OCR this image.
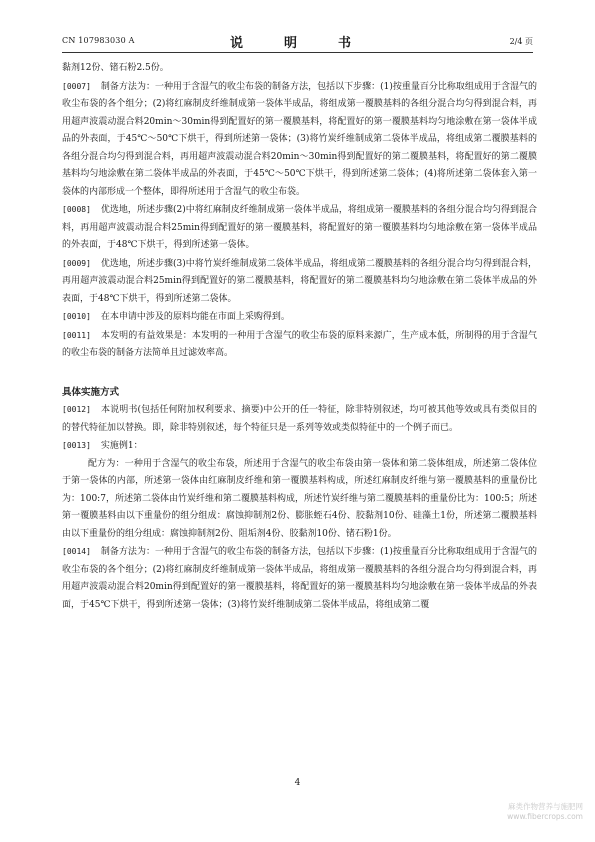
CN 107983030 A	说　明　书	2/4 页

黏剂12份、锗石粉2.5份。

[0007] 制备方法为：一种用于含湿气的收尘布袋的制备方法，包括以下步骤：(1)按重量百分比称取组成用于含湿气的收尘布袋的各个组分；(2)将红麻制皮纤维制成第一袋体半成品，将组成第一覆膜基料的各组分混合均匀得到混合料，再用超声波震动混合料20min～30min得到配置好的第一覆膜基料，将配置好的第一覆膜基料均匀地涂敷在第一袋体半成品的外表面，于45℃～50℃下烘干，得到所述第一袋体；(3)将竹炭纤维制成第二袋体半成品，将组成第二覆膜基料的各组分混合均匀得到混合料，再用超声波震动混合料20min～30min得到配置好的第二覆膜基料，将配置好的第二覆膜基料均匀地涂敷在第二袋体半成品的外表面，于45℃～50℃下烘干，得到所述第二袋体；(4)将所述第二袋体套入第一袋体的内部形成一个整体，即得所述用于含湿气的收尘布袋。

[0008] 优选地，所述步骤(2)中将红麻制皮纤维制成第一袋体半成品，将组成第一覆膜基料的各组分混合均匀得到混合料，再用超声波震动混合料25min得到配置好的第一覆膜基料，将配置好的第一覆膜基料均匀地涂敷在第一袋体半成品的外表面，于48℃下烘干，得到所述第一袋体。

[0009] 优选地，所述步骤(3)中将竹炭纤维制成第二袋体半成品，将组成第二覆膜基料的各组分混合均匀得到混合料，再用超声波震动混合料25min得到配置好的第二覆膜基料，将配置好的第二覆膜基料均匀地涂敷在第二袋体半成品的外表面，于48℃下烘干，得到所述第二袋体。

[0010] 在本申请中涉及的原料均能在市面上采购得到。

[0011] 本发明的有益效果是：本发明的一种用于含湿气的收尘布袋的原料来源广，生产成本低，所制得的用于含湿气的收尘布袋的制备方法简单且过滤效率高。

具体实施方式

[0012] 本说明书(包括任何附加权利要求、摘要)中公开的任一特征，除非特别叙述，均可被其他等效或具有类似目的的替代特征加以替换。即，除非特别叙述，每个特征只是一系列等效或类似特征中的一个例子而已。

[0013] 实施例1：

配方为：一种用于含湿气的收尘布袋，所述用于含湿气的收尘布袋由第一袋体和第二袋体组成，所述第二袋体位于第一袋体的内部，所述第一袋体由红麻制皮纤维和第一覆膜基料构成，所述红麻制皮纤维与第一覆膜基料的重量份比为：100:7，所述第二袋体由竹炭纤维和第二覆膜基料构成，所述竹炭纤维与第二覆膜基料的重量份比为：100:5；所述第一覆膜基料由以下重量份的组分组成：腐蚀抑制剂2份、膨胀蛭石4份、胶黏剂10份、硅藻土1份，所述第二覆膜基料由以下重量份的组分组成：腐蚀抑制剂2份、阻垢剂4份、胶黏剂10份、锗石粉1份。

[0014] 制备方法为：一种用于含湿气的收尘布袋的制备方法，包括以下步骤：(1)按重量百分比称取组成用于含湿气的收尘布袋的各个组分；(2)将红麻制皮纤维制成第一袋体半成品，将组成第一覆膜基料的各组分混合均匀得到混合料，再用超声波震动混合料20min得到配置好的第一覆膜基料，将配置好的第一覆膜基料均匀地涂敷在第一袋体半成品的外表面，于45℃下烘干，得到所述第一袋体；(3)将竹炭纤维制成第二袋体半成品，将组成第二覆

4
麻类作物营养与施肥网
www.fibercrops.com
